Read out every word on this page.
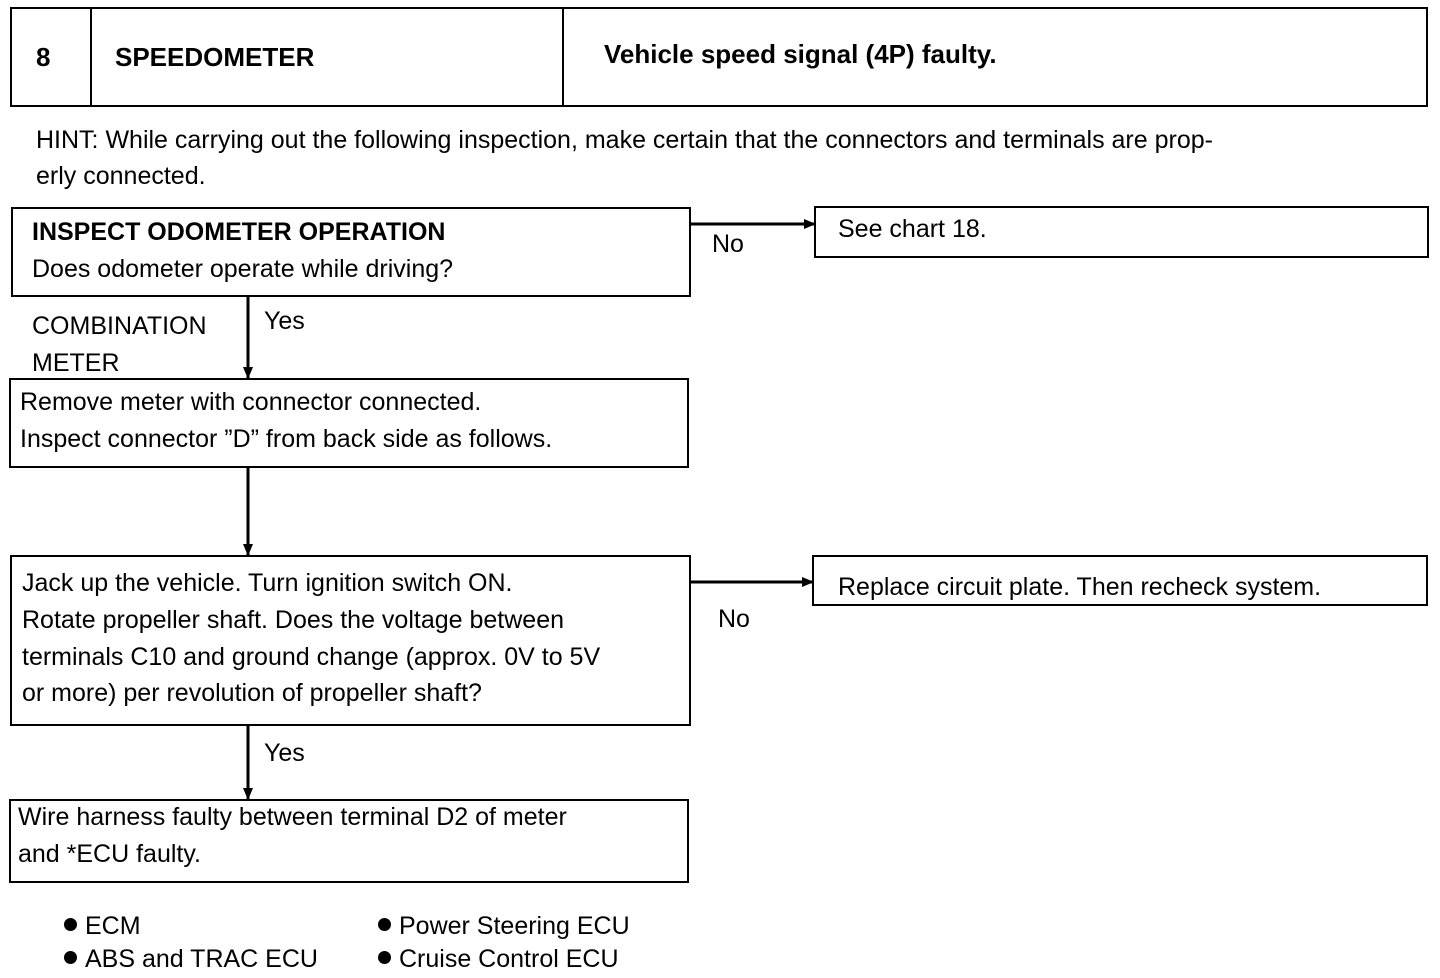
8 SPEEDOMETER	Vehicle speed signal (4P) faulty.
HINT: While carrying out the following inspection, make certain that the connectors and terminals are prop-
erly connected.
INSPECT ODOMETER OPERATION
Does odometer operate while driving?
No
See chart 18.
COMBINATION
METER
Yes
Remove meter with connector connected.
Inspect connector ”D” from back side as follows.
Jack up the vehicle. Turn ignition switch ON.
Rotate propeller shaft. Does the voltage between
terminals C10 and ground change (approx. 0V to 5V
or more) per revolution of propeller shaft?
No
Replace circuit plate. Then recheck system.
Yes
Wire harness faulty between terminal D2 of meter
and *ECU faulty.
ECM	Power Steering ECU
ABS and TRAC ECU	Cruise Control ECU
